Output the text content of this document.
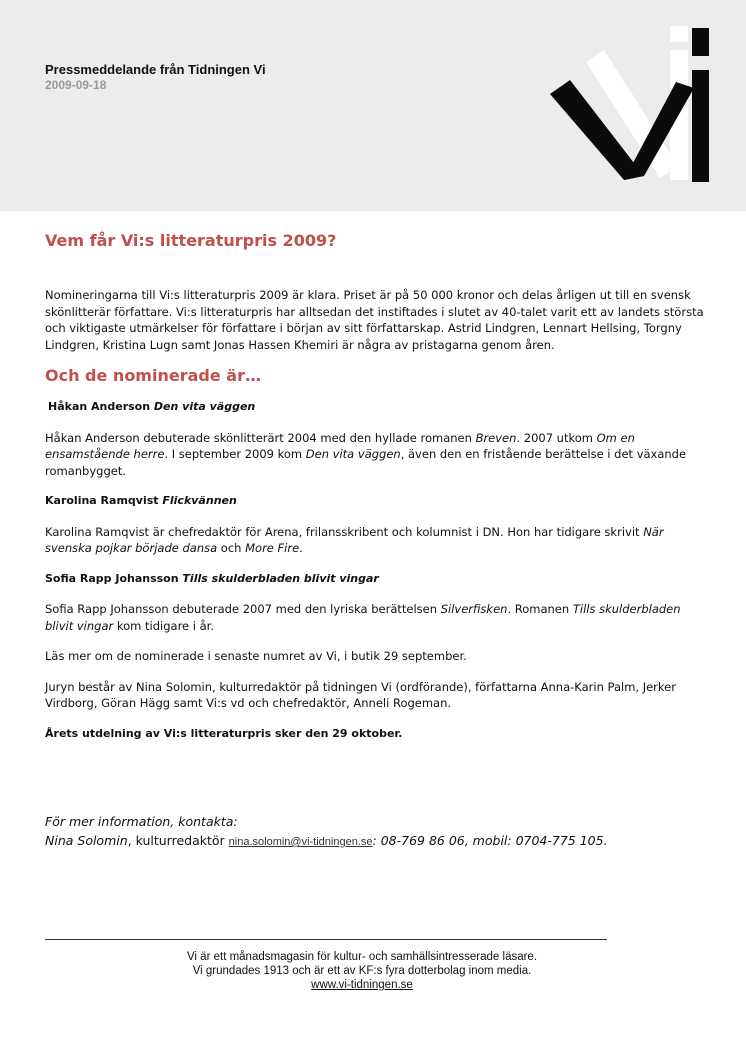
Pressmeddelande från Tidningen Vi
2009-09-18
Vem får Vi:s litteraturpris 2009?

Nomineringarna till Vi:s litteraturpris 2009 är klara. Priset är på 50 000 kronor och delas årligen ut till en svensk skönlitterär författare. Vi:s litteraturpris har alltsedan det instiftades i slutet av 40-talet varit ett av landets största och viktigaste utmärkelser för författare i början av sitt författarskap. Astrid Lindgren, Lennart Hellsing, Torgny Lindgren, Kristina Lugn samt Jonas Hassen Khemiri är några av pristagarna genom åren.

Och de nominerade är…

Håkan Anderson Den vita väggen

Håkan Anderson debuterade skönlitterärt 2004 med den hyllade romanen Breven. 2007 utkom Om en ensamstående herre. I september 2009 kom Den vita väggen, även den en fristående berättelse i det växande romanbygget.

Karolina Ramqvist Flickvännen

Karolina Ramqvist är chefredaktör för Arena, frilansskribent och kolumnist i DN. Hon har tidigare skrivit När svenska pojkar började dansa och More Fire.

Sofia Rapp Johansson Tills skulderbladen blivit vingar

Sofia Rapp Johansson debuterade 2007 med den lyriska berättelsen Silverfisken. Romanen Tills skulderbladen blivit vingar kom tidigare i år.

Läs mer om de nominerade i senaste numret av Vi, i butik 29 september.

Juryn består av Nina Solomin, kulturredaktör på tidningen Vi (ordförande), författarna Anna-Karin Palm, Jerker Virdborg, Göran Hägg samt Vi:s vd och chefredaktör, Anneli Rogeman.

Årets utdelning av Vi:s litteraturpris sker den 29 oktober.

För mer information, kontakta:

Nina Solomin, kulturredaktör nina.solomin@vi-tidningen.se: 08-769 86 06, mobil: 0704-775 105.

Vi är ett månadsmagasin för kultur- och samhällsintresserade läsare.
Vi grundades 1913 och är ett av KF:s fyra dotterbolag inom media.
www.vi-tidningen.se
